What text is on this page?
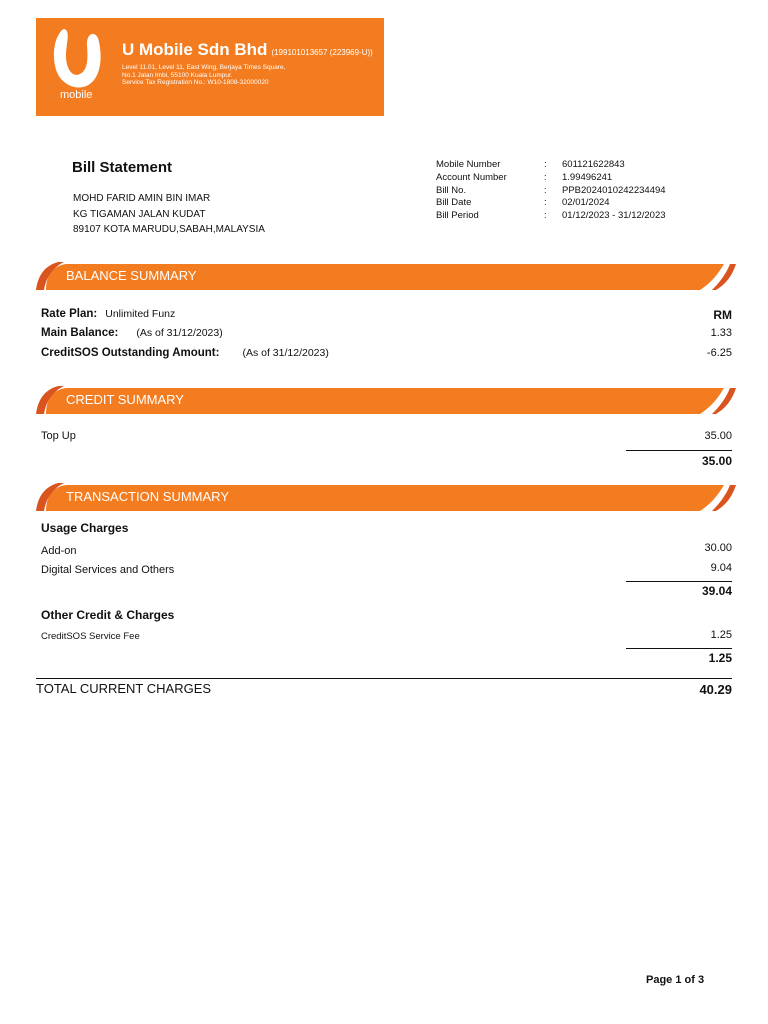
mobile
U Mobile Sdn Bhd (199101013657 (223969-U))
Level 11.01, Level 11, East Wing, Berjaya Times Square,
No.1 Jalan Imbi, 55100 Kuala Lumpur.
Service Tax Registration No.: W10-1808-32000020
Bill Statement
MOHD FARID AMIN BIN IMAR
KG TIGAMAN JALAN KUDAT
89107 KOTA MARUDU,SABAH,MALAYSIA
Mobile Number	:	601121622843
Account Number	:	1.99496241
Bill No.	:	PPB2024010242234494
Bill Date	:	02/01/2024
Bill Period	:	01/12/2023 - 31/12/2023
BALANCE SUMMARY
Rate Plan: Unlimited Funz	RM
Main Balance: (As of 31/12/2023)	1.33
CreditSOS Outstanding Amount: (As of 31/12/2023)	-6.25
CREDIT SUMMARY
Top Up	35.00
35.00
TRANSACTION SUMMARY
Usage Charges
Add-on	30.00
Digital Services and Others	9.04
39.04
Other Credit & Charges
CreditSOS Service Fee	1.25
1.25
TOTAL CURRENT CHARGES	40.29
Page 1 of 3
